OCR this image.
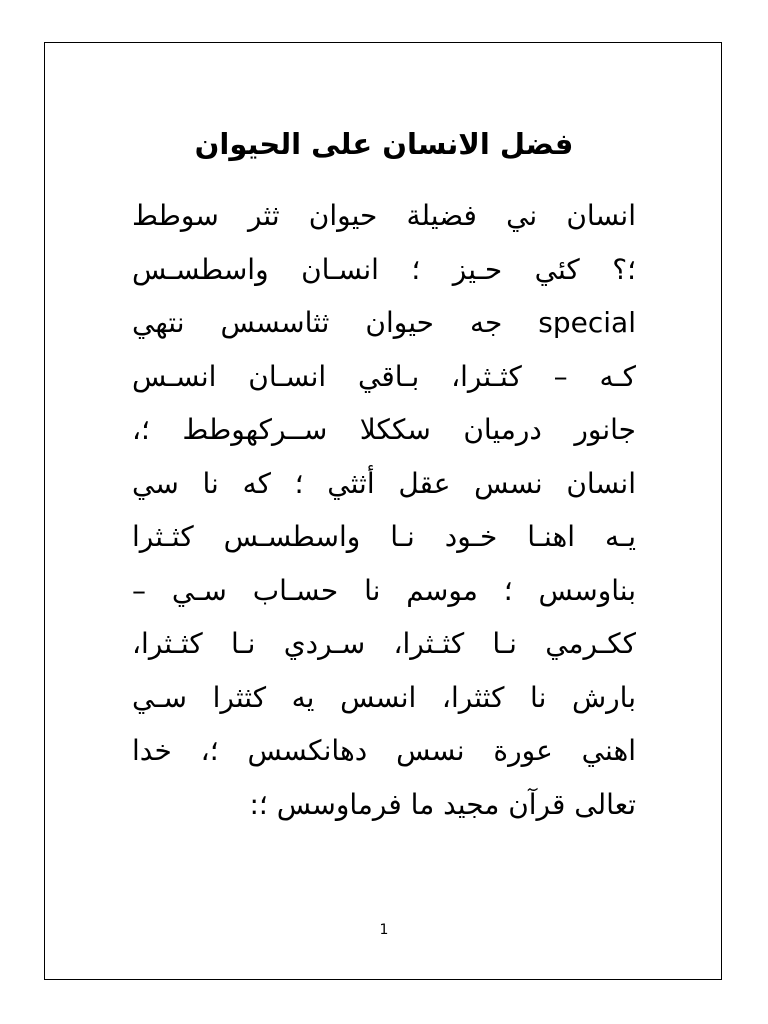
فضل الانسان على الحيوان
انسان ني فضيلة حيوان ثثر سوطط
؛؟ كئي حـيز ؛ انسـان واسطسـس
special جه حيوان ثثاسسس نتهي
كـه – كثـثرا، بـاقي انسـان انسـس
جانور درميان سككلا ســركهوطط ؛،
انسان نسس عقل أثثي ؛ كه نا سي
يـه اهنـا خـود نـا واسطسـس كثـثرا
بناوسس ؛ موسم نا حسـاب سـي –
ككـرمي نـا كثـثرا، سـردي نـا كثـثرا،
بارش نا كثثرا، انسس يه كثثرا سـي
اهني عورة نسس دهانكسس ؛، خدا
تعالى قرآن مجيد ما فرماوسس ؛:
1
